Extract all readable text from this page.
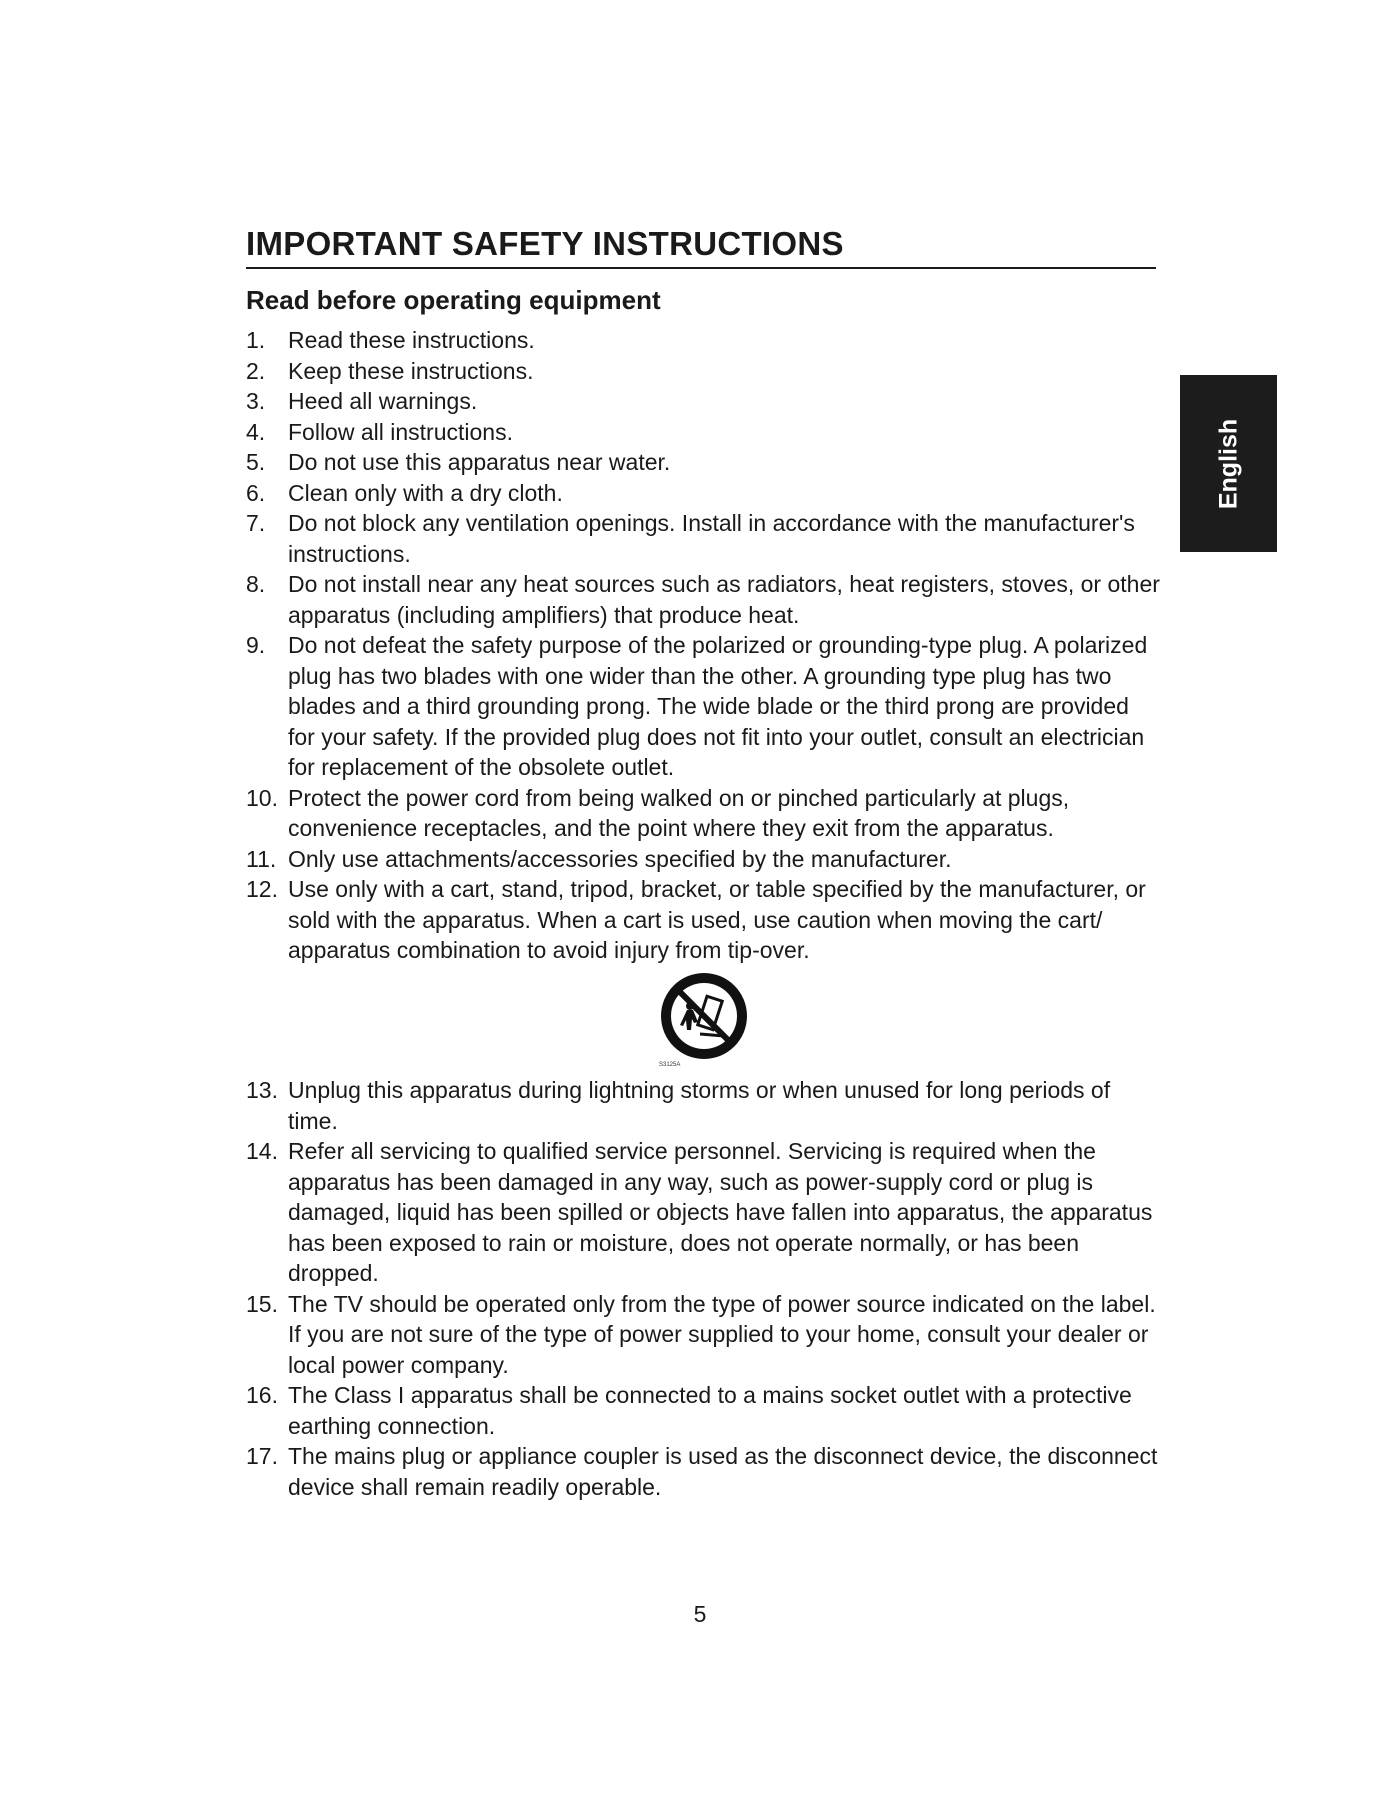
IMPORTANT SAFETY INSTRUCTIONS
Read before operating equipment
English
1. Read these instructions.
2. Keep these instructions.
3. Heed all warnings.
4. Follow all instructions.
5. Do not use this apparatus near water.
6. Clean only with a dry cloth.
7. Do not block any ventilation openings. Install in accordance with the manufacturer's instructions.
8. Do not install near any heat sources such as radiators, heat registers, stoves, or other apparatus (including amplifiers) that produce heat.
9. Do not defeat the safety purpose of the polarized or grounding-type plug. A polarized plug has two blades with one wider than the other. A grounding type plug has two blades and a third grounding prong. The wide blade or the third prong are provided for your safety. If the provided plug does not fit into your outlet, consult an electrician for replacement of the obsolete outlet.
10. Protect the power cord from being walked on or pinched particularly at plugs, convenience receptacles, and the point where they exit from the apparatus.
11. Only use attachments/accessories specified by the manufacturer.
12. Use only with a cart, stand, tripod, bracket, or table specified by the manufacturer, or sold with the apparatus. When a cart is used, use caution when moving the cart/ apparatus combination to avoid injury from tip-over.
S3125A
13. Unplug this apparatus during lightning storms or when unused for long periods of time.
14. Refer all servicing to qualified service personnel. Servicing is required when the apparatus has been damaged in any way, such as power-supply cord or plug is damaged, liquid has been spilled or objects have fallen into apparatus, the apparatus has been exposed to rain or moisture, does not operate normally, or has been dropped.
15. The TV should be operated only from the type of power source indicated on the label. If you are not sure of the type of power supplied to your home, consult your dealer or local power company.
16. The Class I apparatus shall be connected to a mains socket outlet with a protective earthing connection.
17. The mains plug or appliance coupler is used as the disconnect device, the disconnect device shall remain readily operable.
5
